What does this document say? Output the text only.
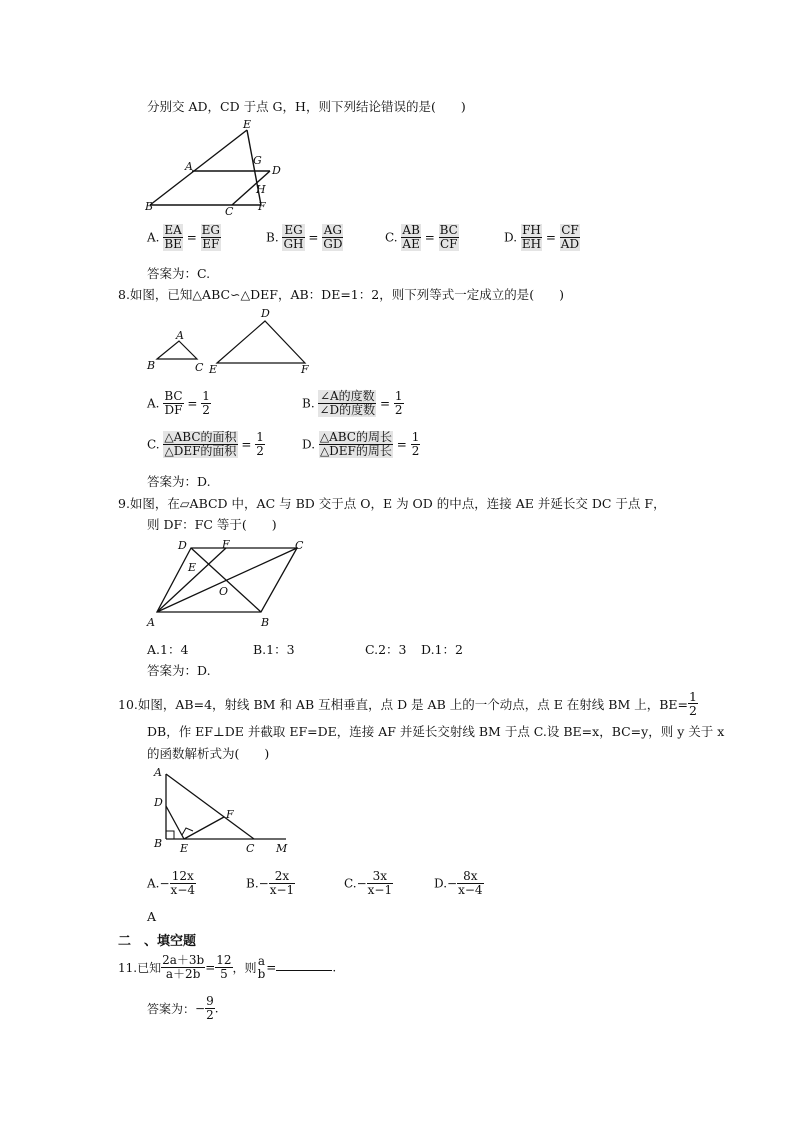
分别交 AD，CD 于点 G，H，则下列结论错误的是(　　)
E
A	G
D
H
B	C F
A. $\frac{EA}{BE} = \frac{EG}{EF}$	B. $\frac{EG}{GH} = \frac{AG}{GD}$	C. $\frac{AB}{AE} = \frac{BC}{CF}$	D. $\frac{FH}{EH} = \frac{CF}{AD}$
答案为：C.
8.如图，已知△ABC∽△DEF，AB：DE=1：2，则下列等式一定成立的是(　　)
A
B	C
D
E	F
A. $\frac{BC}{DF} = \frac{1}{2}$	B. $\frac{\text{∠A的度数}}{\text{∠D的度数}} = \frac{1}{2}$
C. $\frac{\text{△ABC的面积}}{\text{△DEF的面积}} = \frac{1}{2}$	D. $\frac{\text{△ABC的周长}}{\text{△DEF的周长}} = \frac{1}{2}$
答案为：D.
9.如图，在▱ABCD 中，AC 与 BD 交于点 O，E 为 OD 的中点，连接 AE 并延长交 DC 于点 F，
则 DF：FC 等于(　　)
D	F	C
E
O
A	B
A.1：4	B.1：3	C.2：3 D.1：2
答案为：D.
10.如图，AB=4，射线 BM 和 AB 互相垂直，点 D 是 AB 上的一个动点，点 E 在射线 BM 上，$BE= \frac{1}{2}$
DB，作 EF⊥DE 并截取 EF=DE，连接 AF 并延长交射线 BM 于点 C.设 BE=x，BC=y，则 y 关于 x
的函数解析式为(　　)
A
D
F
B E	C M
$A.- \frac{12x}{x-4}$	$B.- \frac{2x}{x-1}$	$C.- \frac{3x}{x-1}$	$D.- \frac{8x}{x-4}$
A
二　、填空题
11.已知 $\frac{2a+3b}{a+2b} = \frac{12}{5}$ ，则
a
b =	.
答案为：− $\frac{9}{2}$ .
